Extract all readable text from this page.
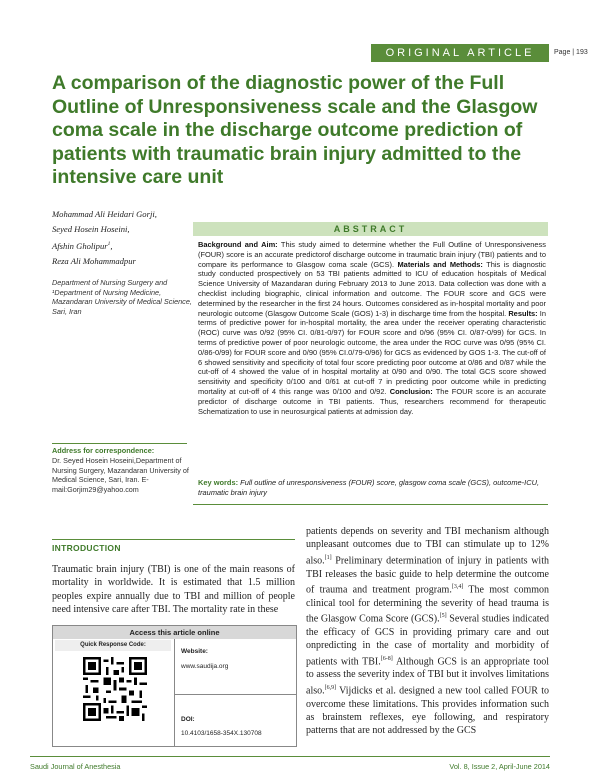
ORIGINAL ARTICLE	Page | 193
A comparison of the diagnostic power of the Full Outline of Unresponsiveness scale and the Glasgow coma scale in the discharge outcome prediction of patients with traumatic brain injury admitted to the intensive care unit
Mohammad Ali Heidari Gorji,
Seyed Hosein Hoseini,
Afshin Gholipur$^1$,
Reza Ali Mohammadpur
Department of Nursing Surgery and ¹Department of Nursing Medicine, Mazandaran University of Medical Science, Sari, Iran
Address for correspondence:
Dr. Seyed Hosein Hoseini,Department of Nursing Surgery, Mazandaran University of Medical Science, Sari, Iran. E-mail:Gorjim29@yahoo.com
ABSTRACT
Background and Aim: This study aimed to determine whether the Full Outline of Unresponsiveness (FOUR) score is an accurate predictorof discharge outcome in traumatic brain injury (TBI) patients and to compare its performance to Glasgow coma scale (GCS). Materials and Methods: This is diagnostic study conducted prospectively on 53 TBI patients admitted to ICU of education hospitals of Medical Science University of Mazandaran during February 2013 to June 2013. Data collection was done with a checklist including biographic, clinical information and outcome. The FOUR score and GCS were determined by the researcher in the first 24 hours. Outcomes considered as in-hospital mortality and poor neurologic outcome (Glasgow Outcome Scale (GOS) 1-3) in discharge time from the hospital. Results: In terms of predictive power for in-hospital mortality, the area under the receiver operating characteristic (ROC) curve was 0/92 (95% CI. 0/81-0/97) for FOUR score and 0/96 (95% CI. 0/87-0/99) for GCS. In terms of predictive power of poor neurologic outcome, the area under the ROC curve was 0/95 (95% CI. 0/86-0/99) for FOUR score and 0/90 (95% CI.0/79-0/96) for GCS as evidenced by GOS 1-3. The cut-off of 6 showed sensitivity and specificity of total four score predicting poor outcome at 0/86 and 0/87 while the cut-off of 4 showed the value of in hospital mortality at 0/90 and 0/90. The total GCS score showed sensitivity and specificity 0/100 and 0/61 at cut-off 7 in predicting poor outcome while in predicting mortality at cut-off of 4 this range was 0/100 and 0/92. Conclusion: The FOUR score is an accurate predictor of discharge outcome in TBI patients. Thus, researchers recommend for therapeutic Schematization to use in neurosurgical patients at admission day.
Key words: Full outline of unresponsiveness (FOUR) score, glasgow coma scale (GCS), outcome-ICU, traumatic brain injury
INTRODUCTION
Traumatic brain injury (TBI) is one of the main reasons of mortality in worldwide. It is estimated that 1.5 million peoples expire annually due to TBI and million of people need intensive care after TBI. The mortality rate in these
Access this article online
Quick Response Code:
Website:
www.saudija.org
DOI:
10.4103/1658-354X.130708
patients depends on severity and TBI mechanism although unpleasant outcomes due to TBI can stimulate up to 12% also.[1] Preliminary determination of injury in patients with TBI releases the basic guide to help determine the outcome of trauma and treatment program.[3,4] The most common clinical tool for determining the severity of head trauma is the Glasgow Coma Score (GCS).[5] Several studies indicated the efficacy of GCS in providing primary care and out onpredicting in the case of mortality and morbidity of patients with TBI.[6-8] Although GCS is an appropriate tool to assess the severity index of TBI but it involves limitations also.[6,9] Vijdicks et al. designed a new tool called FOUR to overcome these limitations. This provides information such as brainstem reflexes, eye following, and respiratory patterns that are not addressed by the GCS
Saudi Journal of Anesthesia	Vol. 8, Issue 2, April-June 2014
